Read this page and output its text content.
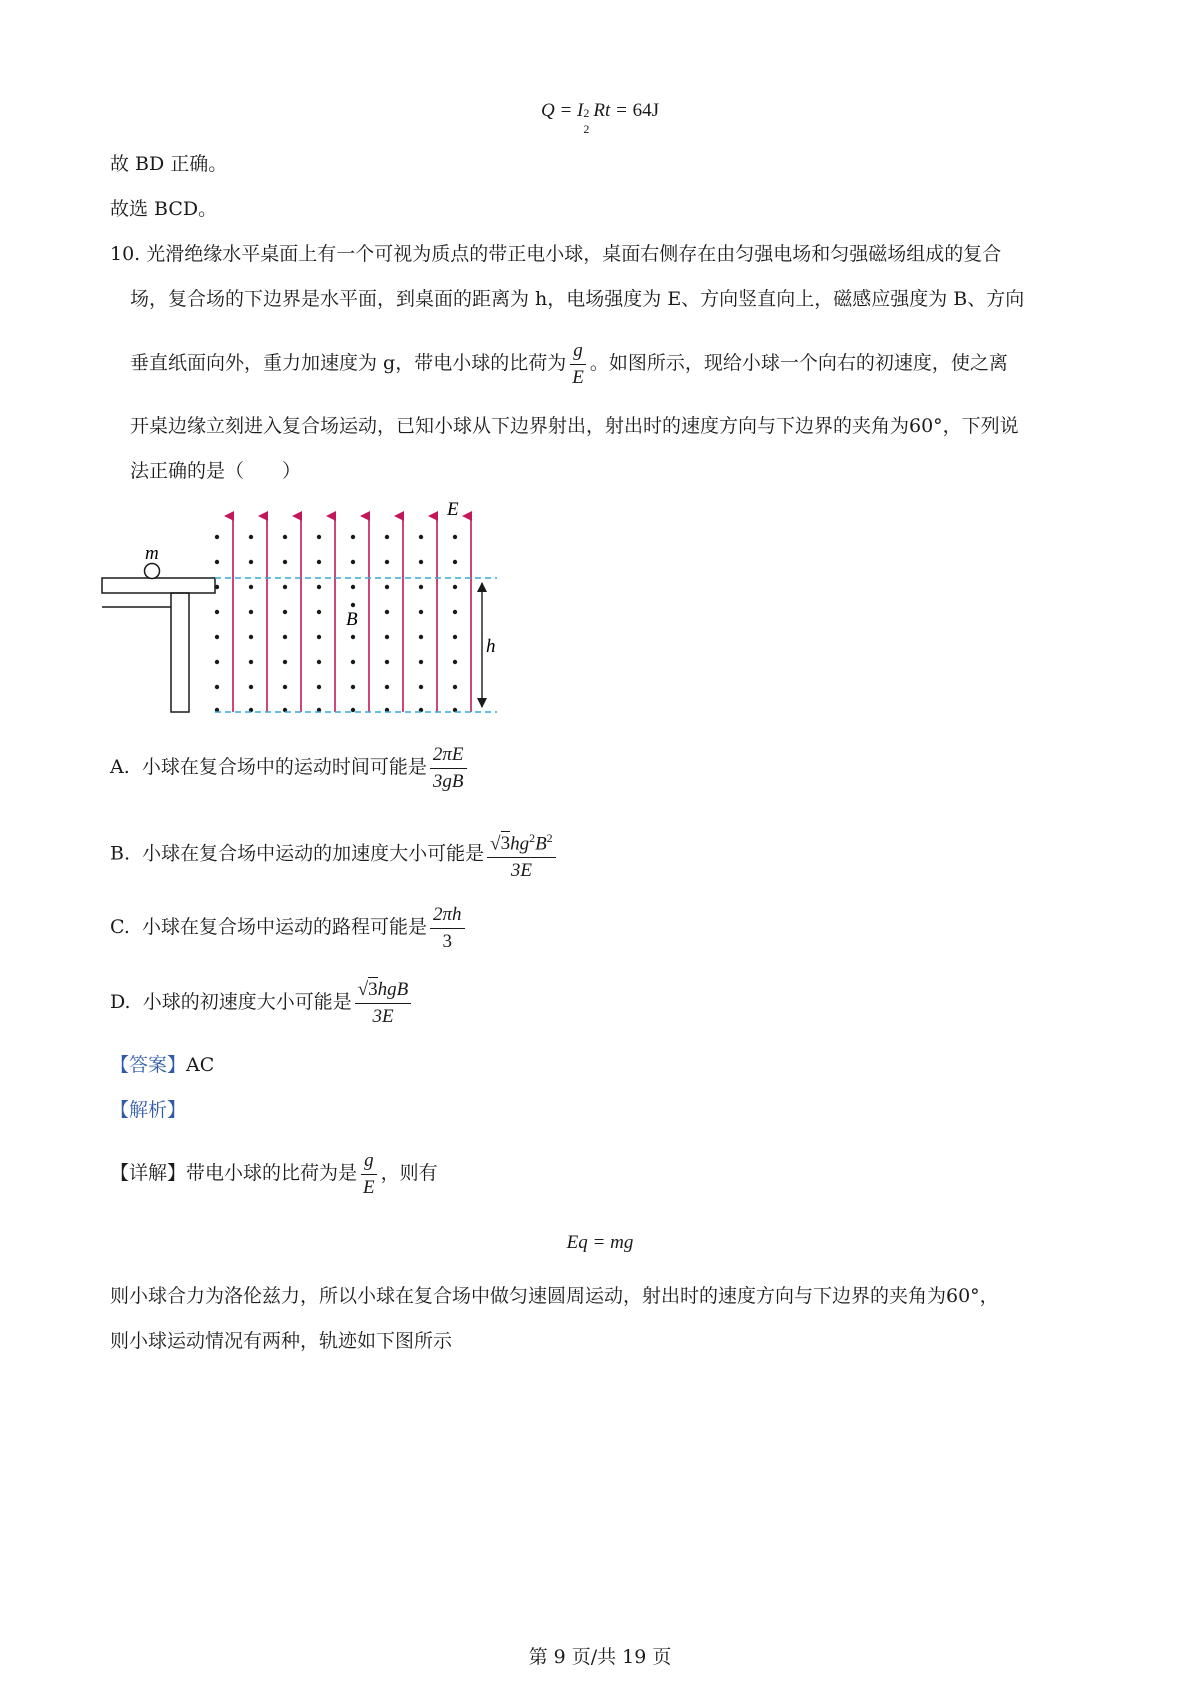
Q = I 2
2
Rt = 64J
故 BD 正确。
故选 BCD。
10. 光滑绝缘水平桌面上有一个可视为质点的带正电小球，桌面右侧存在由匀强电场和匀强磁场组成的复合
场，复合场的下边界是水平面，到桌面的距离为 h，电场强度为 E、方向竖直向上，磁感应强度为 B、方向
垂直纸面向外，重力加速度为 g，带电小球的比荷为 $\frac{g}{E}$ 。如图所示，现给小球一个向右的初速度，使之离
开桌边缘立刻进入复合场运动，已知小球从下边界射出，射出时的速度方向与下边界的夹角为60°，下列说
法正确的是（　　）
m
h
E
B
A. 小球在复合场中的运动时间可能是 $\frac{2\pi E}{3gB}$
B. 小球在复合场中运动的加速度大小可能是 $\frac{√3hg^2B^2}{3E}$
C. 小球在复合场中运动的路程可能是 $\frac{2\pi h}{3}$
D. 小球的初速度大小可能是 $\frac{\text{√3hgB}}{3E}$
【答案】AC
【解析】
【详解】带电小球的比荷为是 $\frac{g}{E}$ ，则有
Eq = mg
则小球合力为洛伦兹力，所以小球在复合场中做匀速圆周运动，射出时的速度方向与下边界的夹角为60°，
则小球运动情况有两种，轨迹如下图所示
第 9 页/共 19 页
